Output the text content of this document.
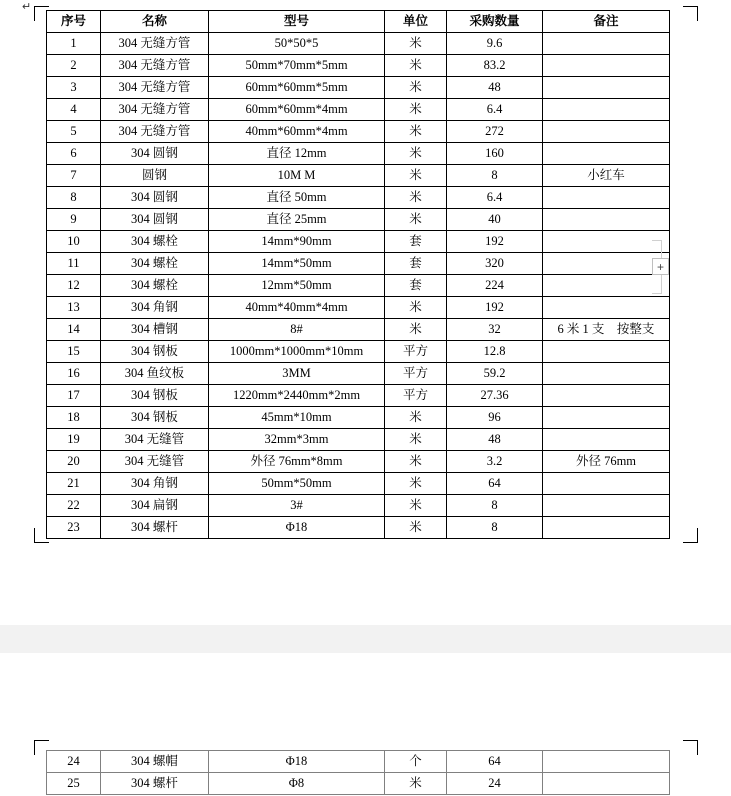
↵
序号	名称	型号	单位	采购数量	备注
1	304 无缝方管	50*50*5	米	9.6	
2	304 无缝方管	50mm*70mm*5mm	米	83.2	
3	304 无缝方管	60mm*60mm*5mm	米	48	
4	304 无缝方管	60mm*60mm*4mm	米	6.4	
5	304 无缝方管	40mm*60mm*4mm	米	272	
6	304 圆钢	直径 12mm	米	160	
7	圆钢	10M M	米	8	小红车
8	304 圆钢	直径 50mm	米	6.4	
9	304 圆钢	直径 25mm	米	40	
10	304 螺栓	14mm*90mm	套	192	
11	304 螺栓	14mm*50mm	套	320	
12	304 螺栓	12mm*50mm	套	224	
13	304 角钢	40mm*40mm*4mm	米	192	
14	304 槽钢	8#	米	32	6 米 1 支　按整支
15	304 钢板	1000mm*1000mm*10mm	平方	12.8	
16	304 鱼纹板	3MM	平方	59.2	
17	304 钢板	1220mm*2440mm*2mm	平方	27.36	
18	304 钢板	45mm*10mm	米	96	
19	304 无缝管	32mm*3mm	米	48	
20	304 无缝管	外径 76mm*8mm	米	3.2	外径 76mm
21	304 角钢	50mm*50mm	米	64	
22	304 扁钢	3#	米	8	
23	304 螺杆	Φ18	米	8	
+
24	304 螺帽	Φ18	个	64	
25	304 螺杆	Φ8	米	24	
